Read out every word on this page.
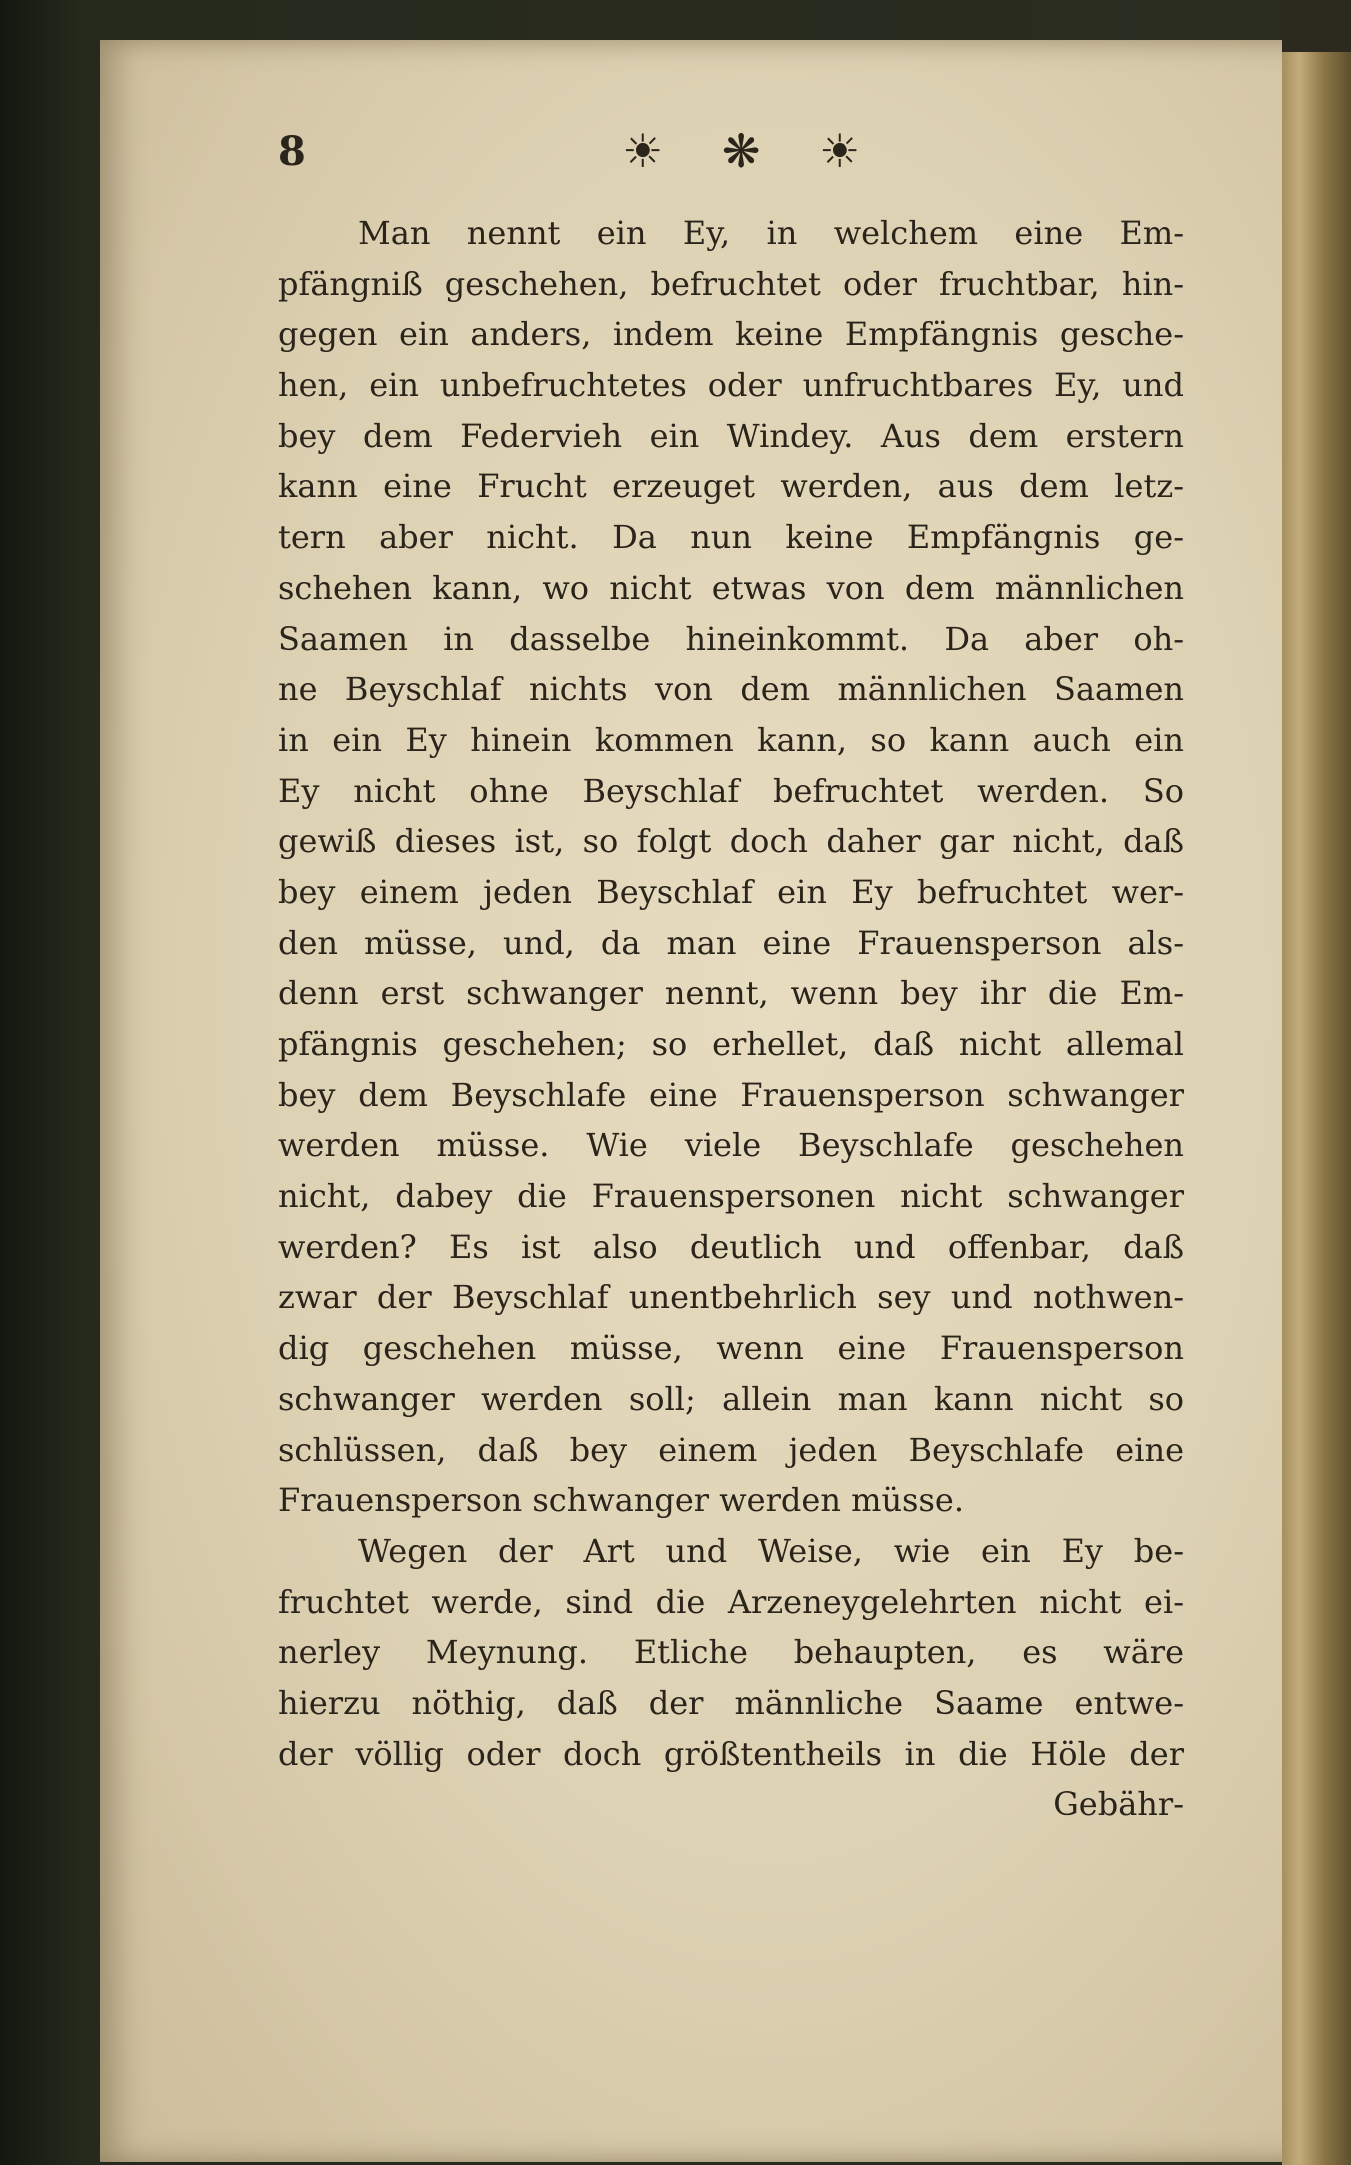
8	☀ ❋ ☀
Man nennt ein Ey, in welchem eine Em-
pfängniß geschehen, befruchtet oder fruchtbar, hin-
gegen ein anders, indem keine Empfängnis gesche-
hen, ein unbefruchtetes oder unfruchtbares Ey, und
bey dem Federvieh ein Windey. Aus dem erstern
kann eine Frucht erzeuget werden, aus dem letz-
tern aber nicht. Da nun keine Empfängnis ge-
schehen kann, wo nicht etwas von dem männlichen
Saamen in dasselbe hineinkommt. Da aber oh-
ne Beyschlaf nichts von dem männlichen Saamen
in ein Ey hinein kommen kann, so kann auch ein
Ey nicht ohne Beyschlaf befruchtet werden. So
gewiß dieses ist, so folgt doch daher gar nicht, daß
bey einem jeden Beyschlaf ein Ey befruchtet wer-
den müsse, und, da man eine Frauensperson als-
denn erst schwanger nennt, wenn bey ihr die Em-
pfängnis geschehen; so erhellet, daß nicht allemal
bey dem Beyschlafe eine Frauensperson schwanger
werden müsse. Wie viele Beyschlafe geschehen
nicht, dabey die Frauenspersonen nicht schwanger
werden? Es ist also deutlich und offenbar, daß
zwar der Beyschlaf unentbehrlich sey und nothwen-
dig geschehen müsse, wenn eine Frauensperson
schwanger werden soll; allein man kann nicht so
schlüssen, daß bey einem jeden Beyschlafe eine
Frauensperson schwanger werden müsse.
Wegen der Art und Weise, wie ein Ey be-
fruchtet werde, sind die Arzeneygelehrten nicht ei-
nerley Meynung. Etliche behaupten, es wäre
hierzu nöthig, daß der männliche Saame entwe-
der völlig oder doch größtentheils in die Höle der
Gebähr-
